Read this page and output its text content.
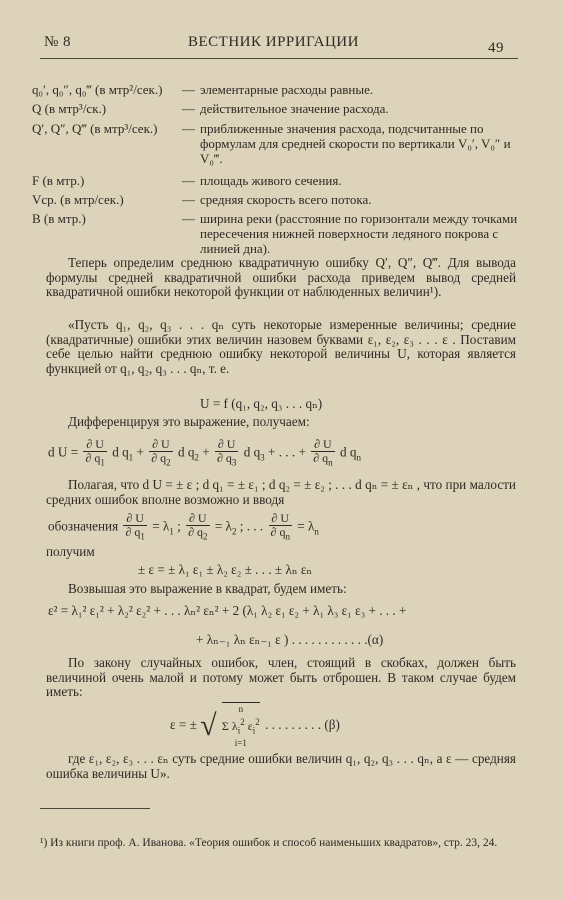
№ 8	ВЕСТНИК ИРРИГАЦИИ	49
q₀′, q₀″, q₀‴ (в мтр²/сек.) — элементарные расходы равные.
Q (в мтр³/ск.)	— действительное значение расхода.
Q′, Q″, Q‴ (в мтр³/сек.) — приближенные значения расхода, подсчитанные по формулам для средней скорости по вертикали V₀′, V₀″ и V₀‴.
F (в мтр.)	— площадь живого сечения.
Vср. (в мтр/сек.)	— средняя скорость всего потока.
B (в мтр.)	— ширина реки (расстояние по горизонтали между точками пересечения нижней поверхности ледяного покрова с линией дна).
Теперь определим среднюю квадратичную ошибку Q′, Q″, Q‴. Для вывода формулы средней квадратичной ошибки расхода приведем вывод средней квадратичной ошибки некоторой функции от наблюденных величин¹).
«Пусть q₁, q₂, q₃ . . . qₙ суть некоторые измеренные величины; средние (квадратичные) ошибки этих величин назовем буквами ε₁, ε₂, ε₃ . . . ε . Поставим себе целью найти среднюю ошибку некоторой величины U, которая является функцией от q₁, q₂, q₃ . . . qₙ, т. е.
U = f (q₁, q₂, q₃ . . . qₙ)
Дифференцируя это выражение, получаем:
d $U = \frac{\partial U}{\partial q_1}$ d $q_1 + \frac{\partial U}{\partial q_2}$ d $q_2 + \frac{\partial U}{\partial q_3}$ d $q_3$ + . . . + $\frac{\partial U}{\partial q_n}$ d $q_n$
Полагая, что d U = ± ε ; d q₁ = ± ε₁ ; d q₂ = ± ε₂ ; . . . d qₙ = ± εₙ , что при малости средних ошибок вполне возможно и вводя
обозначения $\frac{\partial U}{\partial q_1} = \lambda_1$ ; $\frac{\partial U}{\partial q_2} = \lambda_2$ ; . . . $\frac{\partial U}{\partial q_n} = \lambda_n$
получим
± ε = ± λ₁ ε₁ ± λ₂ ε₂ ± . . . ± λₙ εₙ
Возвышая это выражение в квадрат, будем иметь:
ε² = λ₁² ε₁² + λ₂² ε₂² + . . . λₙ² εₙ² + 2 (λ₁ λ₂ ε₁ ε₂ + λ₁ λ₃ ε₁ ε₃ + . . . +
+ λₙ₋₁ λₙ εₙ₋₁ ε ) . . . . . . . . . . . .(α)
По закону случайных ошибок, член, стоящий в скобках, должен быть величиной очень малой и потому может быть отброшен. В таком случае будем иметь:
ε = ± √
n
Σ $\lambda_i^2$ $\varepsilon_i^2$
i=1
. . . . . . . . . (β)
где ε₁, ε₂, ε₃ . . . εₙ суть средние ошибки величин q₁, q₂, q₃ . . . qₙ, а ε — средняя ошибка величины U».
¹) Из книги проф. А. Иванова. «Теория ошибок и способ наименьших квадратов», стр. 23, 24.
